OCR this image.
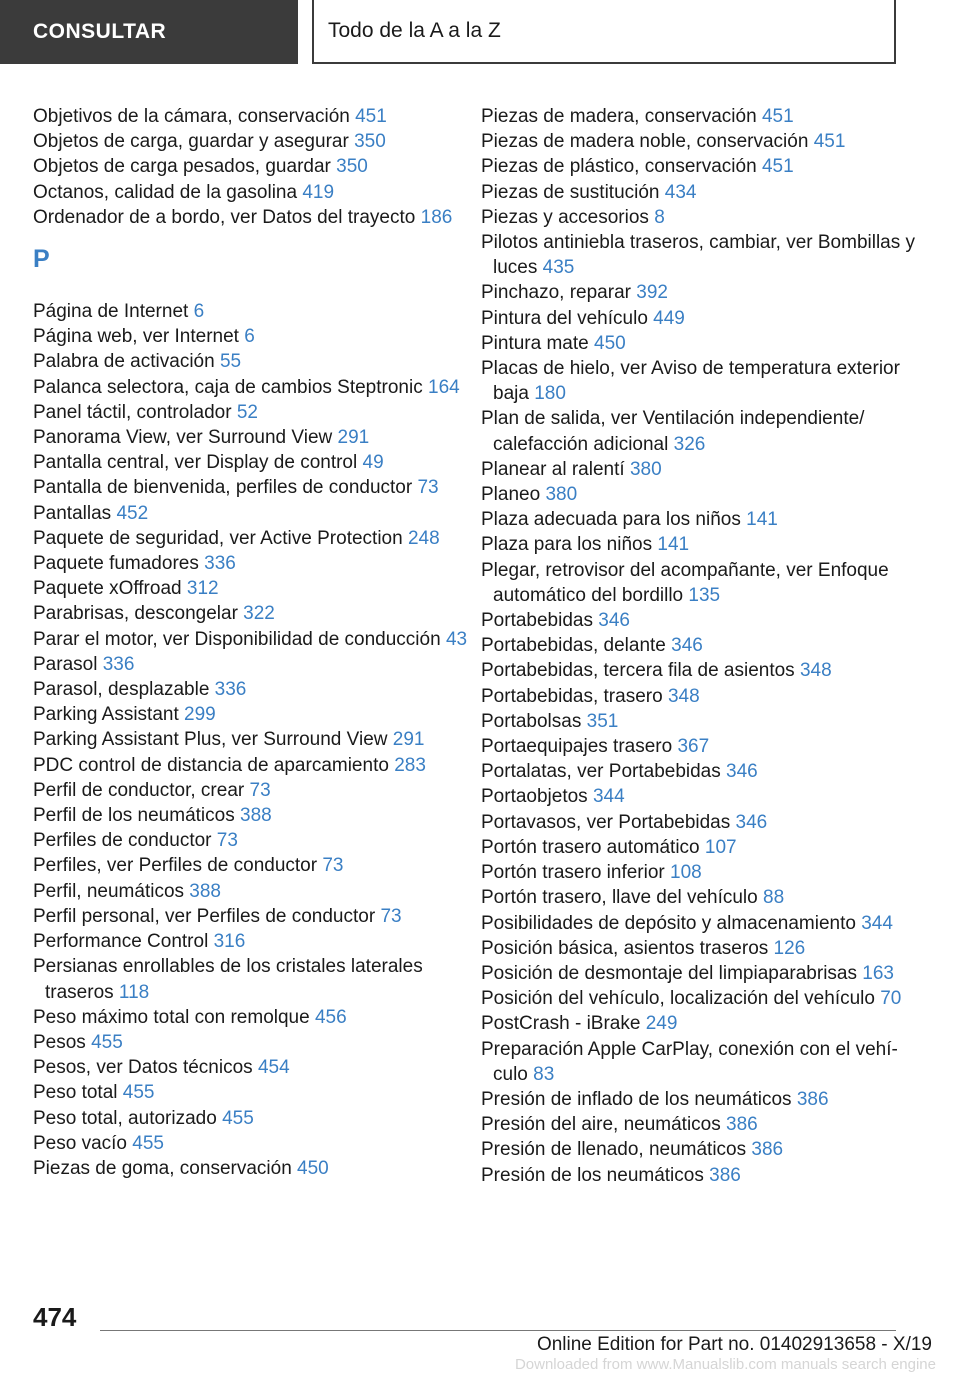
CONSULTAR	Todo de la A a la Z
Objetivos de la cámara, conservación 451
Objetos de carga, guardar y asegurar 350
Objetos de carga pesados, guardar 350
Octanos, calidad de la gasolina 419
Ordenador de a bordo, ver Datos del trayecto 186
P
Página de Internet 6
Página web, ver Internet 6
Palabra de activación 55
Palanca selectora, caja de cambios Steptronic 164
Panel táctil, controlador 52
Panorama View, ver Surround View 291
Pantalla central, ver Display de control 49
Pantalla de bienvenida, perfiles de conductor 73
Pantallas 452
Paquete de seguridad, ver Active Protection 248
Paquete fumadores 336
Paquete xOffroad 312
Parabrisas, descongelar 322
Parar el motor, ver Disponibilidad de conducción 43
Parasol 336
Parasol, desplazable 336
Parking Assistant 299
Parking Assistant Plus, ver Surround View 291
PDC control de distancia de aparcamiento 283
Perfil de conductor, crear 73
Perfil de los neumáticos 388
Perfiles de conductor 73
Perfiles, ver Perfiles de conductor 73
Perfil, neumáticos 388
Perfil personal, ver Perfiles de conductor 73
Performance Control 316
Persianas enrollables de los cristales laterales traseros 118
Peso máximo total con remolque 456
Pesos 455
Pesos, ver Datos técnicos 454
Peso total 455
Peso total, autorizado 455
Peso vacío 455
Piezas de goma, conservación 450
Piezas de madera, conservación 451
Piezas de madera noble, conservación 451
Piezas de plástico, conservación 451
Piezas de sustitución 434
Piezas y accesorios 8
Pilotos antiniebla traseros, cambiar, ver Bombillas y luces 435
Pinchazo, reparar 392
Pintura del vehículo 449
Pintura mate 450
Placas de hielo, ver Aviso de temperatura exterior baja 180
Plan de salida, ver Ventilación independiente/​calefacción adicional 326
Planear al ralentí 380
Planeo 380
Plaza adecuada para los niños 141
Plaza para los niños 141
Plegar, retrovisor del acompañante, ver Enfoque automático del bordillo 135
Portabebidas 346
Portabebidas, delante 346
Portabebidas, tercera fila de asientos 348
Portabebidas, trasero 348
Portabolsas 351
Portaequipajes trasero 367
Portalatas, ver Portabebidas 346
Portaobjetos 344
Portavasos, ver Portabebidas 346
Portón trasero automático 107
Portón trasero inferior 108
Portón trasero, llave del vehículo 88
Posibilidades de depósito y almacenamiento 344
Posición básica, asientos traseros 126
Posición de desmontaje del limpiaparabrisas 163
Posición del vehículo, localización del vehículo 70
PostCrash - iBrake 249
Preparación Apple CarPlay, conexión con el vehículo 83
Presión de inflado de los neumáticos 386
Presión del aire, neumáticos 386
Presión de llenado, neumáticos 386
Presión de los neumáticos 386
474
Online Edition for Part no. 01402913658 - X/19
Downloaded from www.Manualslib.com manuals search engine
